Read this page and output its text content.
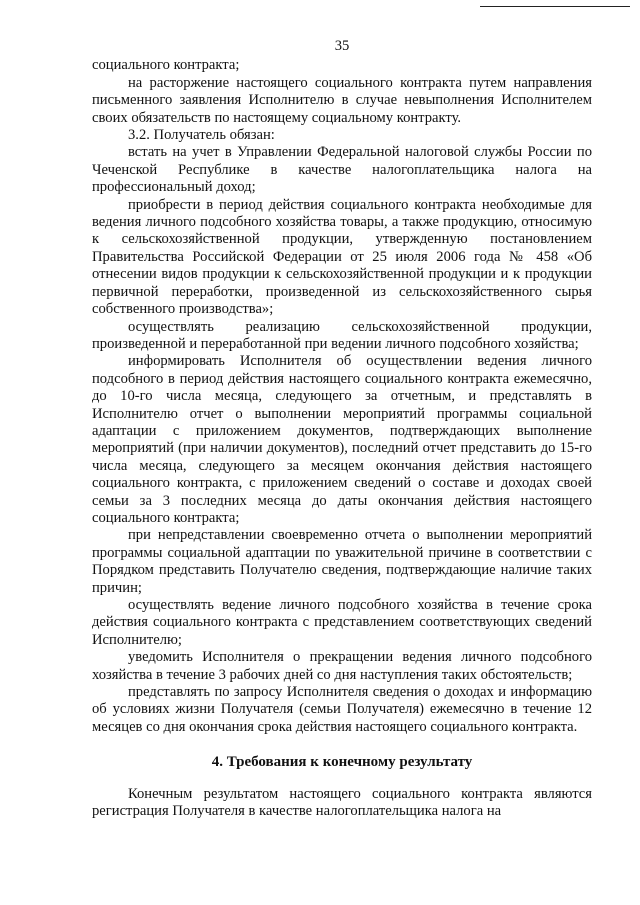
35

социального контракта;

на расторжение настоящего социального контракта путем направления письменного заявления Исполнителю в случае невыполнения Исполнителем своих обязательств по настоящему социальному контракту.

3.2. Получатель обязан:

встать на учет в Управлении Федеральной налоговой службы России по Чеченской Республике в качестве налогоплательщика налога на профессиональный доход;

приобрести в период действия социального контракта необходимые для ведения личного подсобного хозяйства товары, а также продукцию, относимую к сельскохозяйственной продукции, утвержденную постановлением Правительства Российской Федерации от 25 июля 2006 года № 458 «Об отнесении видов продукции к сельскохозяйственной продукции и к продукции первичной переработки, произведенной из сельскохозяйственного сырья собственного производства»;

осуществлять реализацию сельскохозяйственной продукции, произведенной и переработанной при ведении личного подсобного хозяйства;

информировать Исполнителя об осуществлении ведения личного подсобного в период действия настоящего социального контракта ежемесячно, до 10-го числа месяца, следующего за отчетным, и представлять в Исполнителю отчет о выполнении мероприятий программы социальной адаптации с приложением документов, подтверждающих выполнение мероприятий (при наличии документов), последний отчет представить до 15-го числа месяца, следующего за месяцем окончания действия настоящего социального контракта, с приложением сведений о составе и доходах своей семьи за 3 последних месяца до даты окончания действия настоящего социального контракта;

при непредставлении своевременно отчета о выполнении мероприятий программы социальной адаптации по уважительной причине в соответствии с Порядком представить Получателю сведения, подтверждающие наличие таких причин;

осуществлять ведение личного подсобного хозяйства в течение срока действия социального контракта с представлением соответствующих сведений Исполнителю;

уведомить Исполнителя о прекращении ведения личного подсобного хозяйства в течение 3 рабочих дней со дня наступления таких обстоятельств;

представлять по запросу Исполнителя сведения о доходах и информацию об условиях жизни Получателя (семьи Получателя) ежемесячно в течение 12 месяцев со дня окончания срока действия настоящего социального контракта.

4. Требования к конечному результату

Конечным результатом настоящего социального контракта являются регистрация Получателя в качестве налогоплательщика налога на
